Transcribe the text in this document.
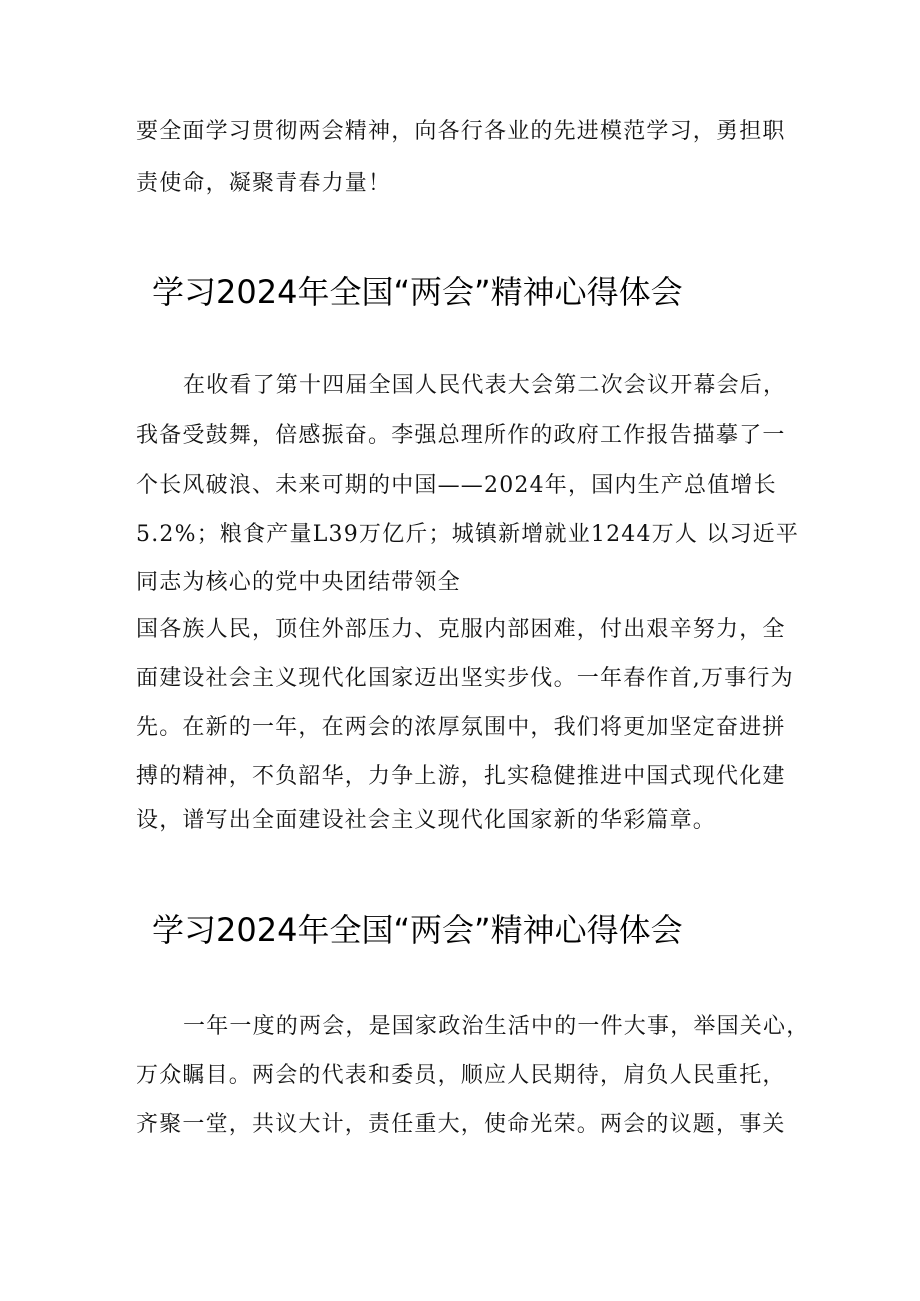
要全面学习贯彻两会精神，向各行各业的先进模范学习，勇担职
责使命，凝聚青春力量！
学习2024年全国“两会”精神心得体会
在收看了第十四届全国人民代表大会第二次会议开幕会后，
我备受鼓舞，倍感振奋。李强总理所作的政府工作报告描摹了一
个长风破浪、未来可期的中国——2024年，国内生产总值增长
5.2%；粮食产量L39万亿斤；城镇新增就业1244万人 以习近平
同志为核心的党中央团结带领全
国各族人民，顶住外部压力、克服内部困难，付出艰辛努力，全
面建设社会主义现代化国家迈出坚实步伐。一年春作首,万事行为
先。在新的一年，在两会的浓厚氛围中，我们将更加坚定奋进拼
搏的精神，不负韶华，力争上游，扎实稳健推进中国式现代化建
设，谱写出全面建设社会主义现代化国家新的华彩篇章。
学习2024年全国“两会”精神心得体会
一年一度的两会，是国家政治生活中的一件大事，举国关心，
万众瞩目。两会的代表和委员，顺应人民期待，肩负人民重托，
齐聚一堂，共议大计，责任重大，使命光荣。两会的议题，事关
